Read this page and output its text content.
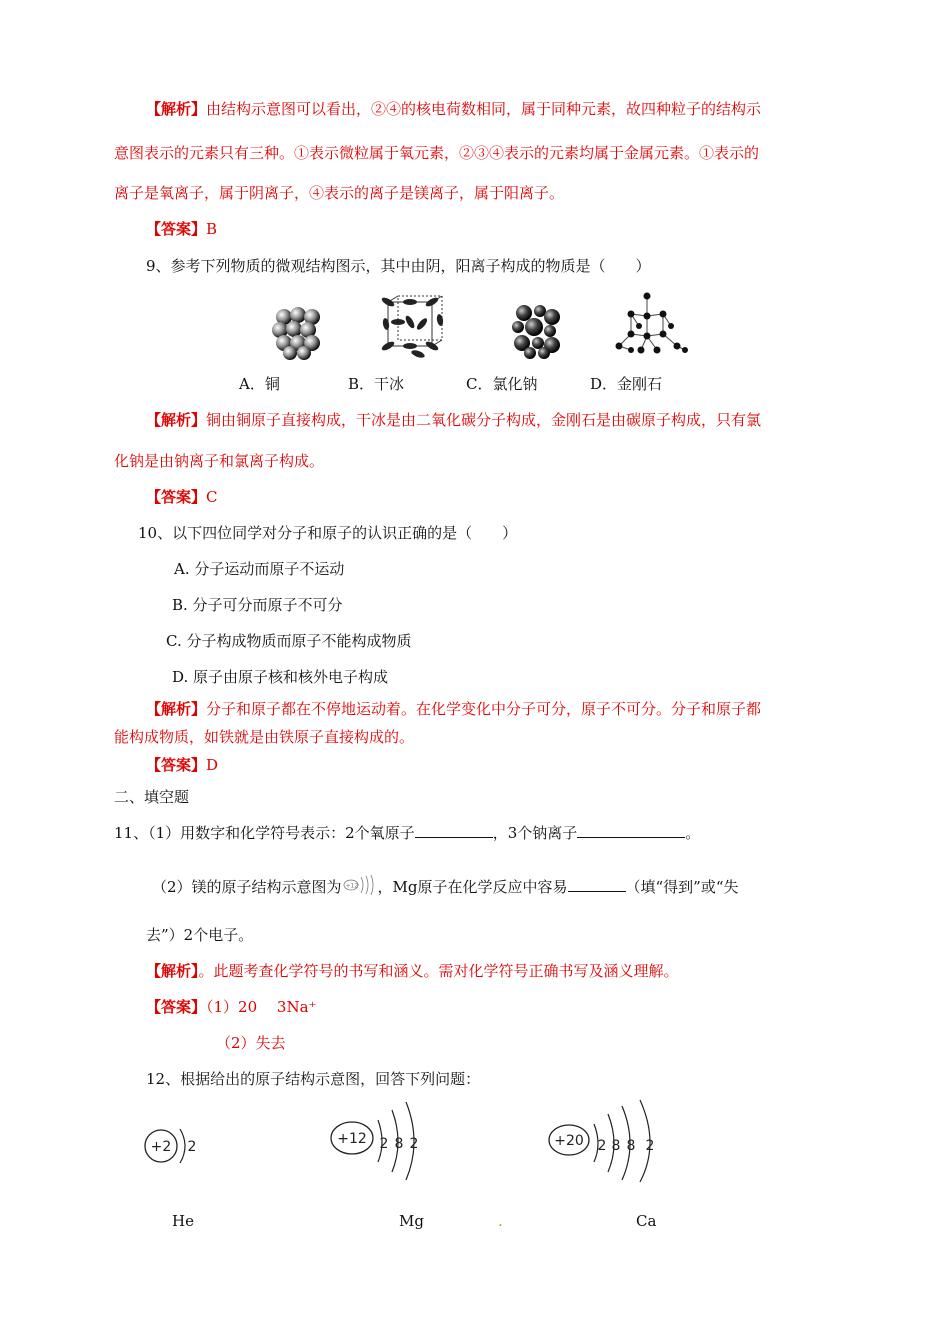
【解析】由结构示意图可以看出，②④的核电荷数相同，属于同种元素，故四种粒子的结构示
意图表示的元素只有三种。①表示微粒属于氧元素，②③④表示的元素均属于金属元素。①表示的
离子是氧离子，属于阴离子，④表示的离子是镁离子，属于阳离子。
【答案】B
9、参考下列物质的微观结构图示，其中由阴，阳离子构成的物质是（　　）
A．铜	B．干冰	C．氯化钠	D．金刚石
【解析】铜由铜原子直接构成，干冰是由二氧化碳分子构成，金刚石是由碳原子构成，只有氯
化钠是由钠离子和氯离子构成。
【答案】C
10、以下四位同学对分子和原子的认识正确的是（　　）
A. 分子运动而原子不运动
B. 分子可分而原子不可分
C. 分子构成物质而原子不能构成物质
D. 原子由原子核和核外电子构成
【解析】分子和原子都在不停地运动着。在化学变化中分子可分，原子不可分。分子和原子都
能构成物质，如铁就是由铁原子直接构成的。
【答案】D
二、填空题
11、（1）用数字和化学符号表示：2个氧原子	，3个钠离子	。
（2）镁的原子结构示意图为 +12 ，Mg原子在化学反应中容易	（填“得到”或“失
去”）2个电子。
【解析】。此题考查化学符号的书写和涵义。需对化学符号正确书写及涵义理解。
【答案】（1）20　 3Na⁺
（2）失去
12、根据给出的原子结构示意图，回答下列问题：
+2 2	+12 2 8 2	+20 2 8 8 2
He	Mg	.	Ca
